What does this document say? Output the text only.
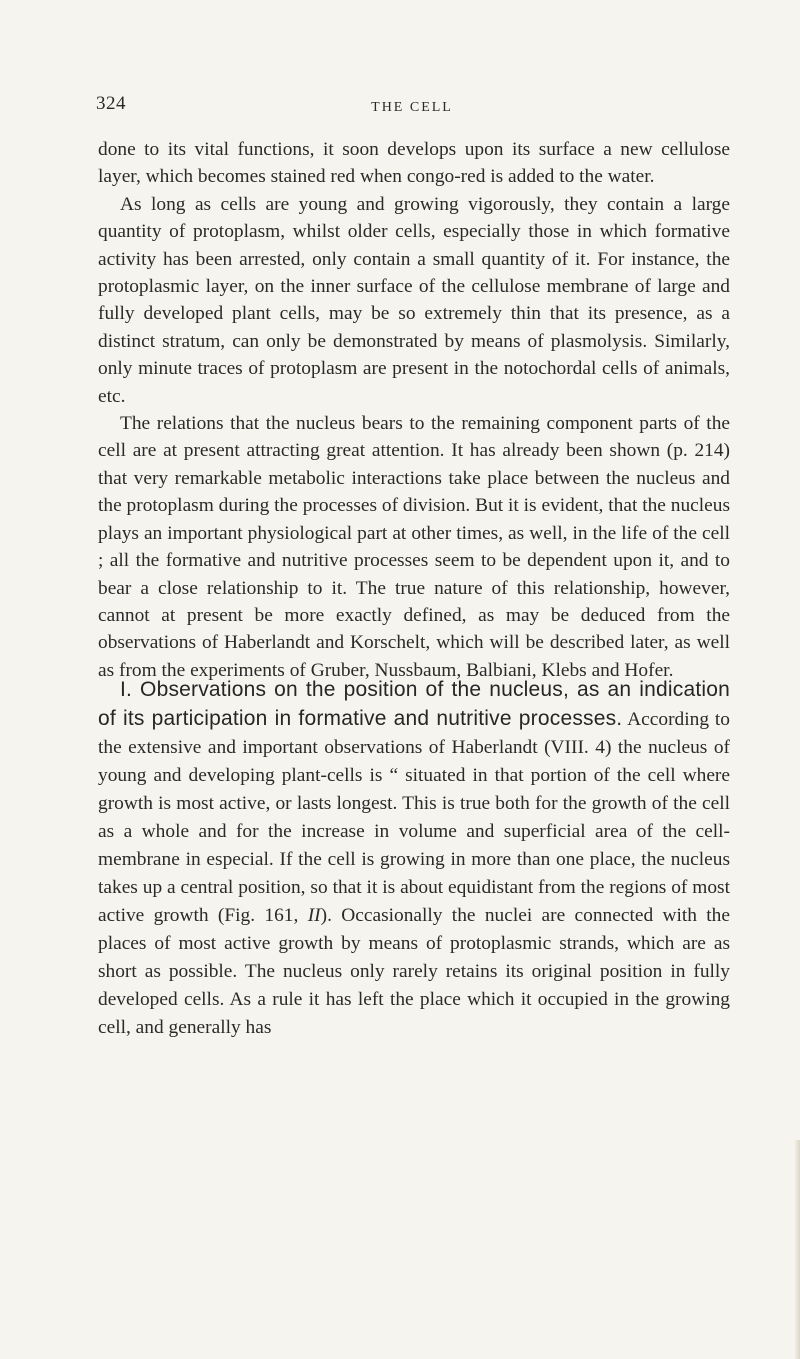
324	THE CELL

done to its vital functions, it soon develops upon its surface a new cellulose layer, which becomes stained red when congo-red is added to the water.

As long as cells are young and growing vigorously, they contain a large quantity of protoplasm, whilst older cells, especially those in which formative activity has been arrested, only contain a small quantity of it. For instance, the protoplasmic layer, on the inner surface of the cellulose membrane of large and fully developed plant cells, may be so extremely thin that its presence, as a distinct stratum, can only be demonstrated by means of plasmolysis. Similarly, only minute traces of protoplasm are present in the notochordal cells of animals, etc.

The relations that the nucleus bears to the remaining component parts of the cell are at present attracting great attention. It has already been shown (p. 214) that very remarkable metabolic interactions take place between the nucleus and the protoplasm during the processes of division. But it is evident, that the nucleus plays an important physiological part at other times, as well, in the life of the cell ; all the formative and nutritive processes seem to be dependent upon it, and to bear a close relationship to it. The true nature of this relationship, however, cannot at present be more exactly defined, as may be deduced from the observations of Haberlandt and Korschelt, which will be described later, as well as from the experiments of Gruber, Nussbaum, Balbiani, Klebs and Hofer.

I. Observations on the position of the nucleus, as an indication of its participation in formative and nutritive processes. According to the extensive and important observations of Haberlandt (VIII. 4) the nucleus of young and developing plant-cells is “ situated in that portion of the cell where growth is most active, or lasts longest. This is true both for the growth of the cell as a whole and for the increase in volume and superficial area of the cell-membrane in especial. If the cell is growing in more than one place, the nucleus takes up a central position, so that it is about equidistant from the regions of most active growth (Fig. 161, II). Occasionally the nuclei are connected with the places of most active growth by means of protoplasmic strands, which are as short as possible. The nucleus only rarely retains its original position in fully developed cells. As a rule it has left the place which it occupied in the growing cell, and generally has
